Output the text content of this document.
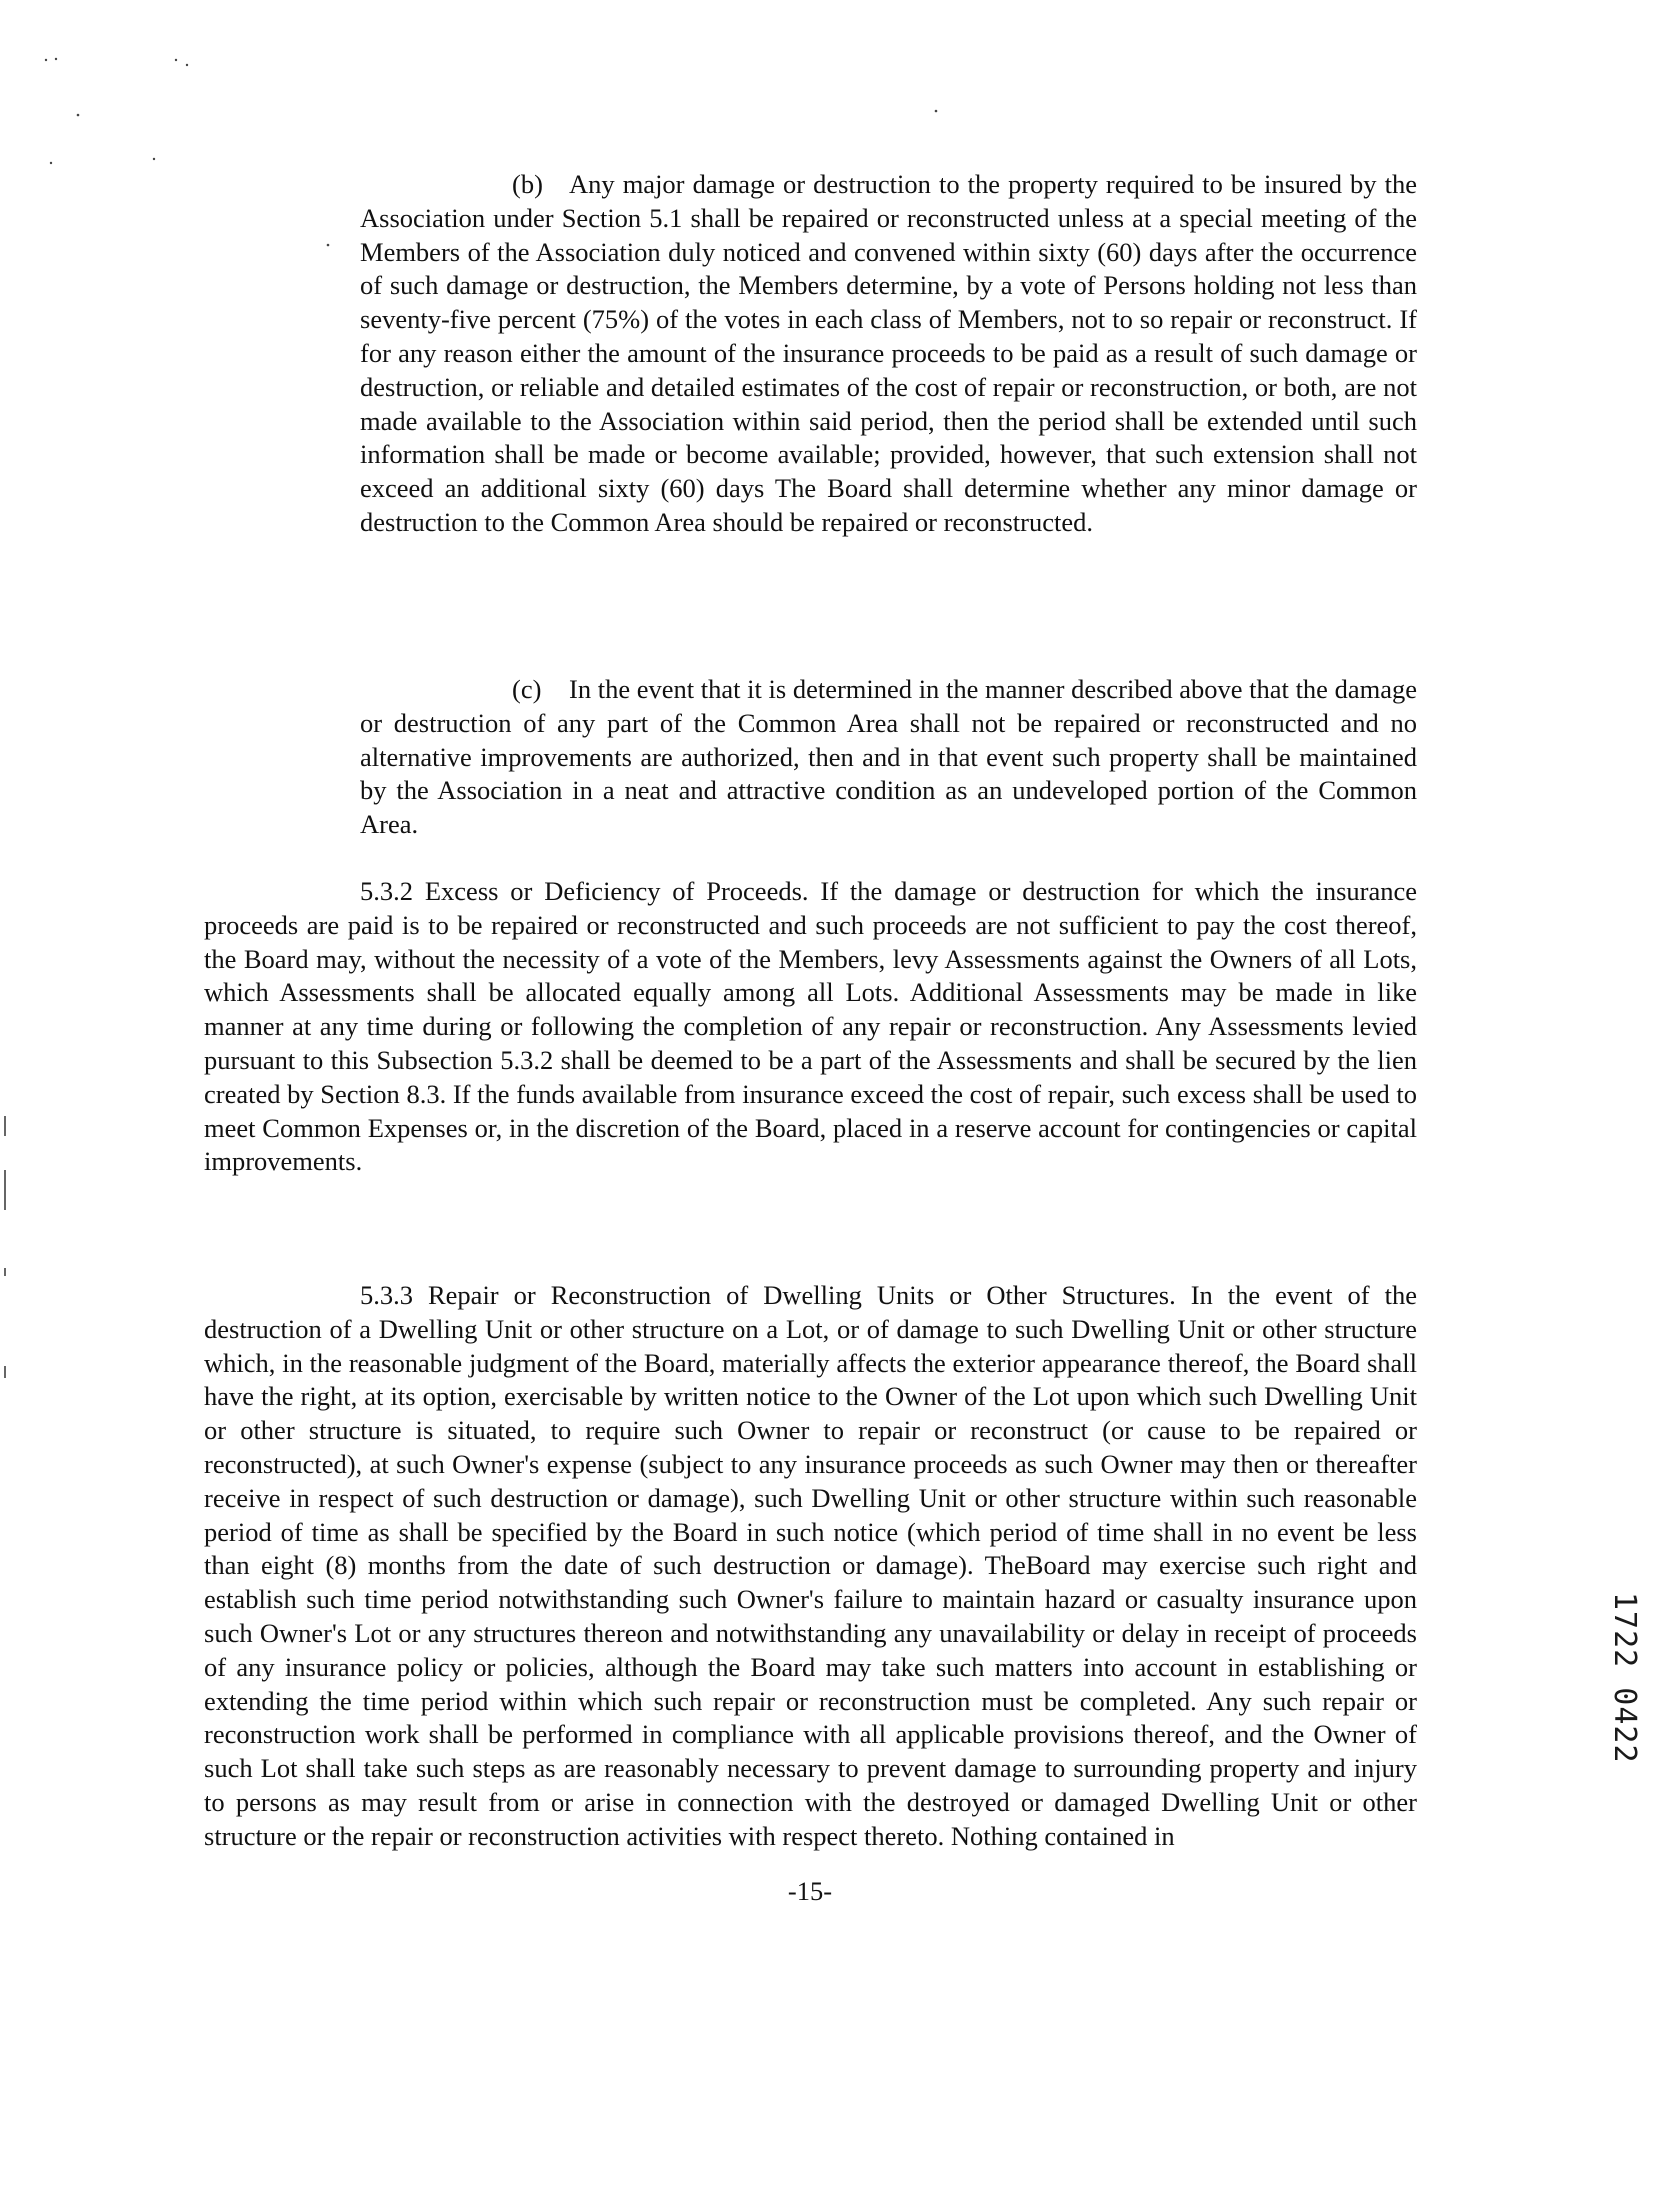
(b) Any major damage or destruction to the property required to be insured by the Association under Section 5.1 shall be repaired or reconstructed unless at a special meeting of the Members of the Association duly noticed and convened within sixty (60) days after the occurrence of such damage or destruction, the Members determine, by a vote of Persons holding not less than seventy-five percent (75%) of the votes in each class of Members, not to so repair or reconstruct. If for any reason either the amount of the insurance proceeds to be paid as a result of such damage or destruction, or reliable and detailed estimates of the cost of repair or reconstruction, or both, are not made available to the Association within said period, then the period shall be extended until such information shall be made or become available; provided, however, that such extension shall not exceed an additional sixty (60) days The Board shall determine whether any minor damage or destruction to the Common Area should be repaired or reconstructed.

(c) In the event that it is determined in the manner described above that the damage or destruction of any part of the Common Area shall not be repaired or reconstructed and no alternative improvements are authorized, then and in that event such property shall be maintained by the Association in a neat and attractive condition as an undeveloped portion of the Common Area.

5.3.2 Excess or Deficiency of Proceeds. If the damage or destruction for which the insurance proceeds are paid is to be repaired or reconstructed and such proceeds are not sufficient to pay the cost thereof, the Board may, without the necessity of a vote of the Members, levy Assessments against the Owners of all Lots, which Assessments shall be allocated equally among all Lots. Additional Assessments may be made in like manner at any time during or following the completion of any repair or reconstruction. Any Assessments levied pursuant to this Subsection 5.3.2 shall be deemed to be a part of the Assessments and shall be secured by the lien created by Section 8.3. If the funds available from insurance exceed the cost of repair, such excess shall be used to meet Common Expenses or, in the discretion of the Board, placed in a reserve account for contingencies or capital improvements.

5.3.3 Repair or Reconstruction of Dwelling Units or Other Structures. In the event of the destruction of a Dwelling Unit or other structure on a Lot, or of damage to such Dwelling Unit or other structure which, in the reasonable judgment of the Board, materially affects the exterior appearance thereof, the Board shall have the right, at its option, exercisable by written notice to the Owner of the Lot upon which such Dwelling Unit or other structure is situated, to require such Owner to repair or reconstruct (or cause to be repaired or reconstructed), at such Owner's expense (subject to any insurance proceeds as such Owner may then or thereafter receive in respect of such destruction or damage), such Dwelling Unit or other structure within such reasonable period of time as shall be specified by the Board in such notice (which period of time shall in no event be less than eight (8) months from the date of such destruction or damage). TheBoard may exercise such right and establish such time period notwithstanding such Owner's failure to maintain hazard or casualty insurance upon such Owner's Lot or any structures thereon and notwithstanding any unavailability or delay in receipt of proceeds of any insurance policy or policies, although the Board may take such matters into account in establishing or extending the time period within which such repair or reconstruction must be completed. Any such repair or reconstruction work shall be performed in compliance with all applicable provisions thereof, and the Owner of such Lot shall take such steps as are reasonably necessary to prevent damage to surrounding property and injury to persons as may result from or arise in connection with the destroyed or damaged Dwelling Unit or other structure or the repair or reconstruction activities with respect thereto. Nothing contained in

-15-
1722 0422
